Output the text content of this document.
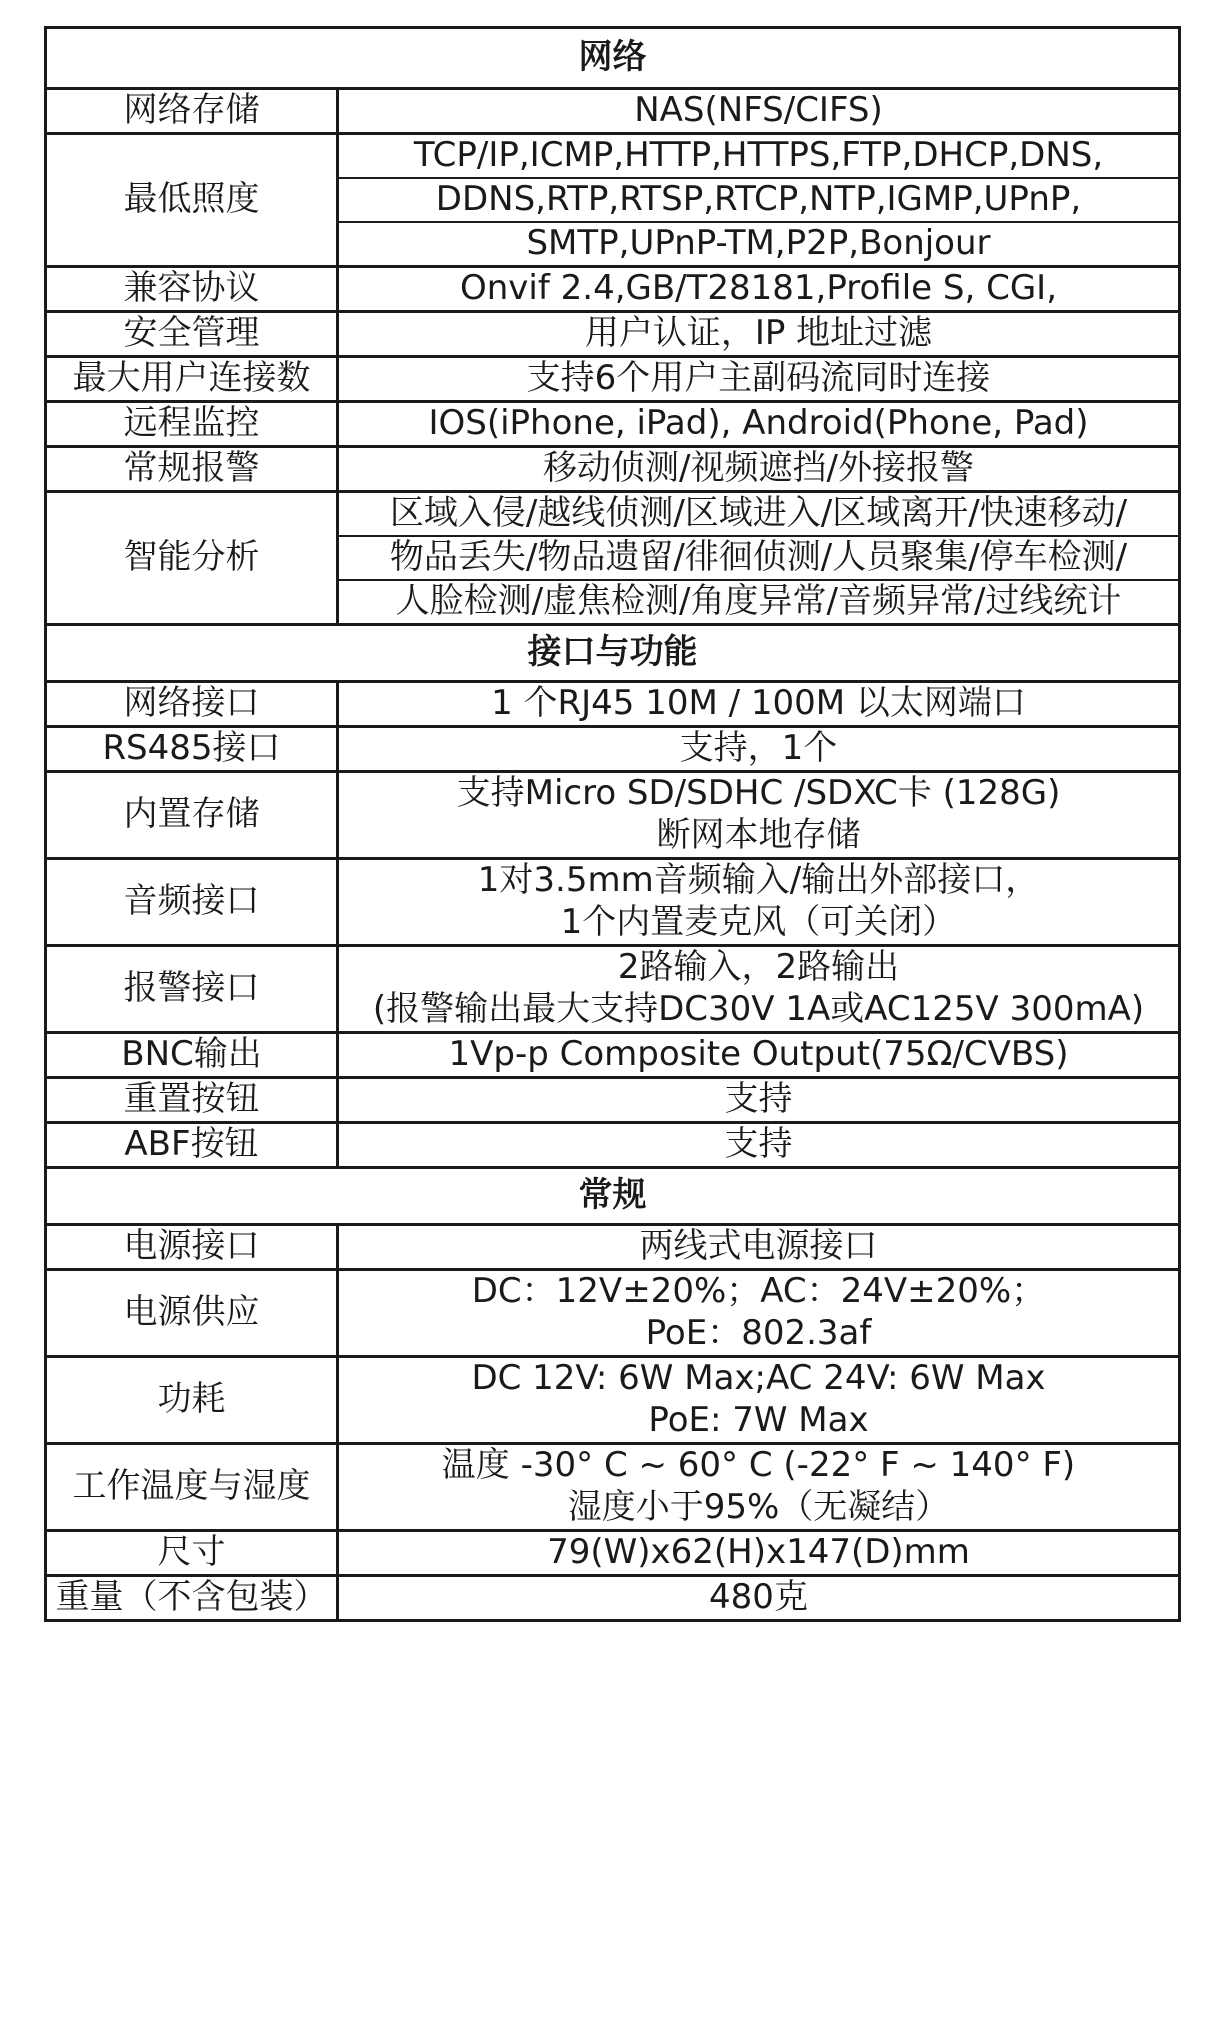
网络	
网络存储	NAS(NFS/CIFS)

最低照度	TCP/IP,ICMP,HTTP,HTTPS,FTP,DHCP,DNS,
DDNS,RTP,RTSP,RTCP,NTP,IGMP,UPnP,
SMTP,UPnP-TM,P2P,Bonjour

兼容协议	Onvif 2.4,GB/T28181,Profile S, CGI,

安全管理	用户认证，IP 地址过滤

最大用户连接数	支持6个用户主副码流同时连接

远程监控	IOS(iPhone, iPad), Android(Phone, Pad)

常规报警	移动侦测/视频遮挡/外接报警

智能分析	区域入侵/越线侦测/区域进入/区域离开/快速移动/
物品丢失/物品遗留/徘徊侦测/人员聚集/停车检测/
人脸检测/虚焦检测/角度异常/音频异常/过线统计

接口与功能	
网络接口	1 个RJ45 10M / 100M 以太网端口

RS485接口	支持，1个

内置存储	支持Micro SD/SDHC /SDXC卡 (128G)
断网本地存储

音频接口	1对3.5mm音频输入/输出外部接口，
1个内置麦克风（可关闭）

报警接口	2路输入，2路输出
(报警输出最大支持DC30V 1A或AC125V 300mA)

BNC输出	1Vp-p Composite Output(75Ω/CVBS)

重置按钮	支持

ABF按钮	支持

常规	
电源接口	两线式电源接口

电源供应	DC：12V±20%；AC：24V±20%；
PoE：802.3af

功耗	DC 12V: 6W Max;AC 24V: 6W Max
PoE: 7W Max

工作温度与湿度	温度 -30° C ~ 60° C (-22° F ~ 140° F)
湿度小于95%（无凝结）

尺寸	79(W)x62(H)x147(D)mm

重量（不含包装）	480克
